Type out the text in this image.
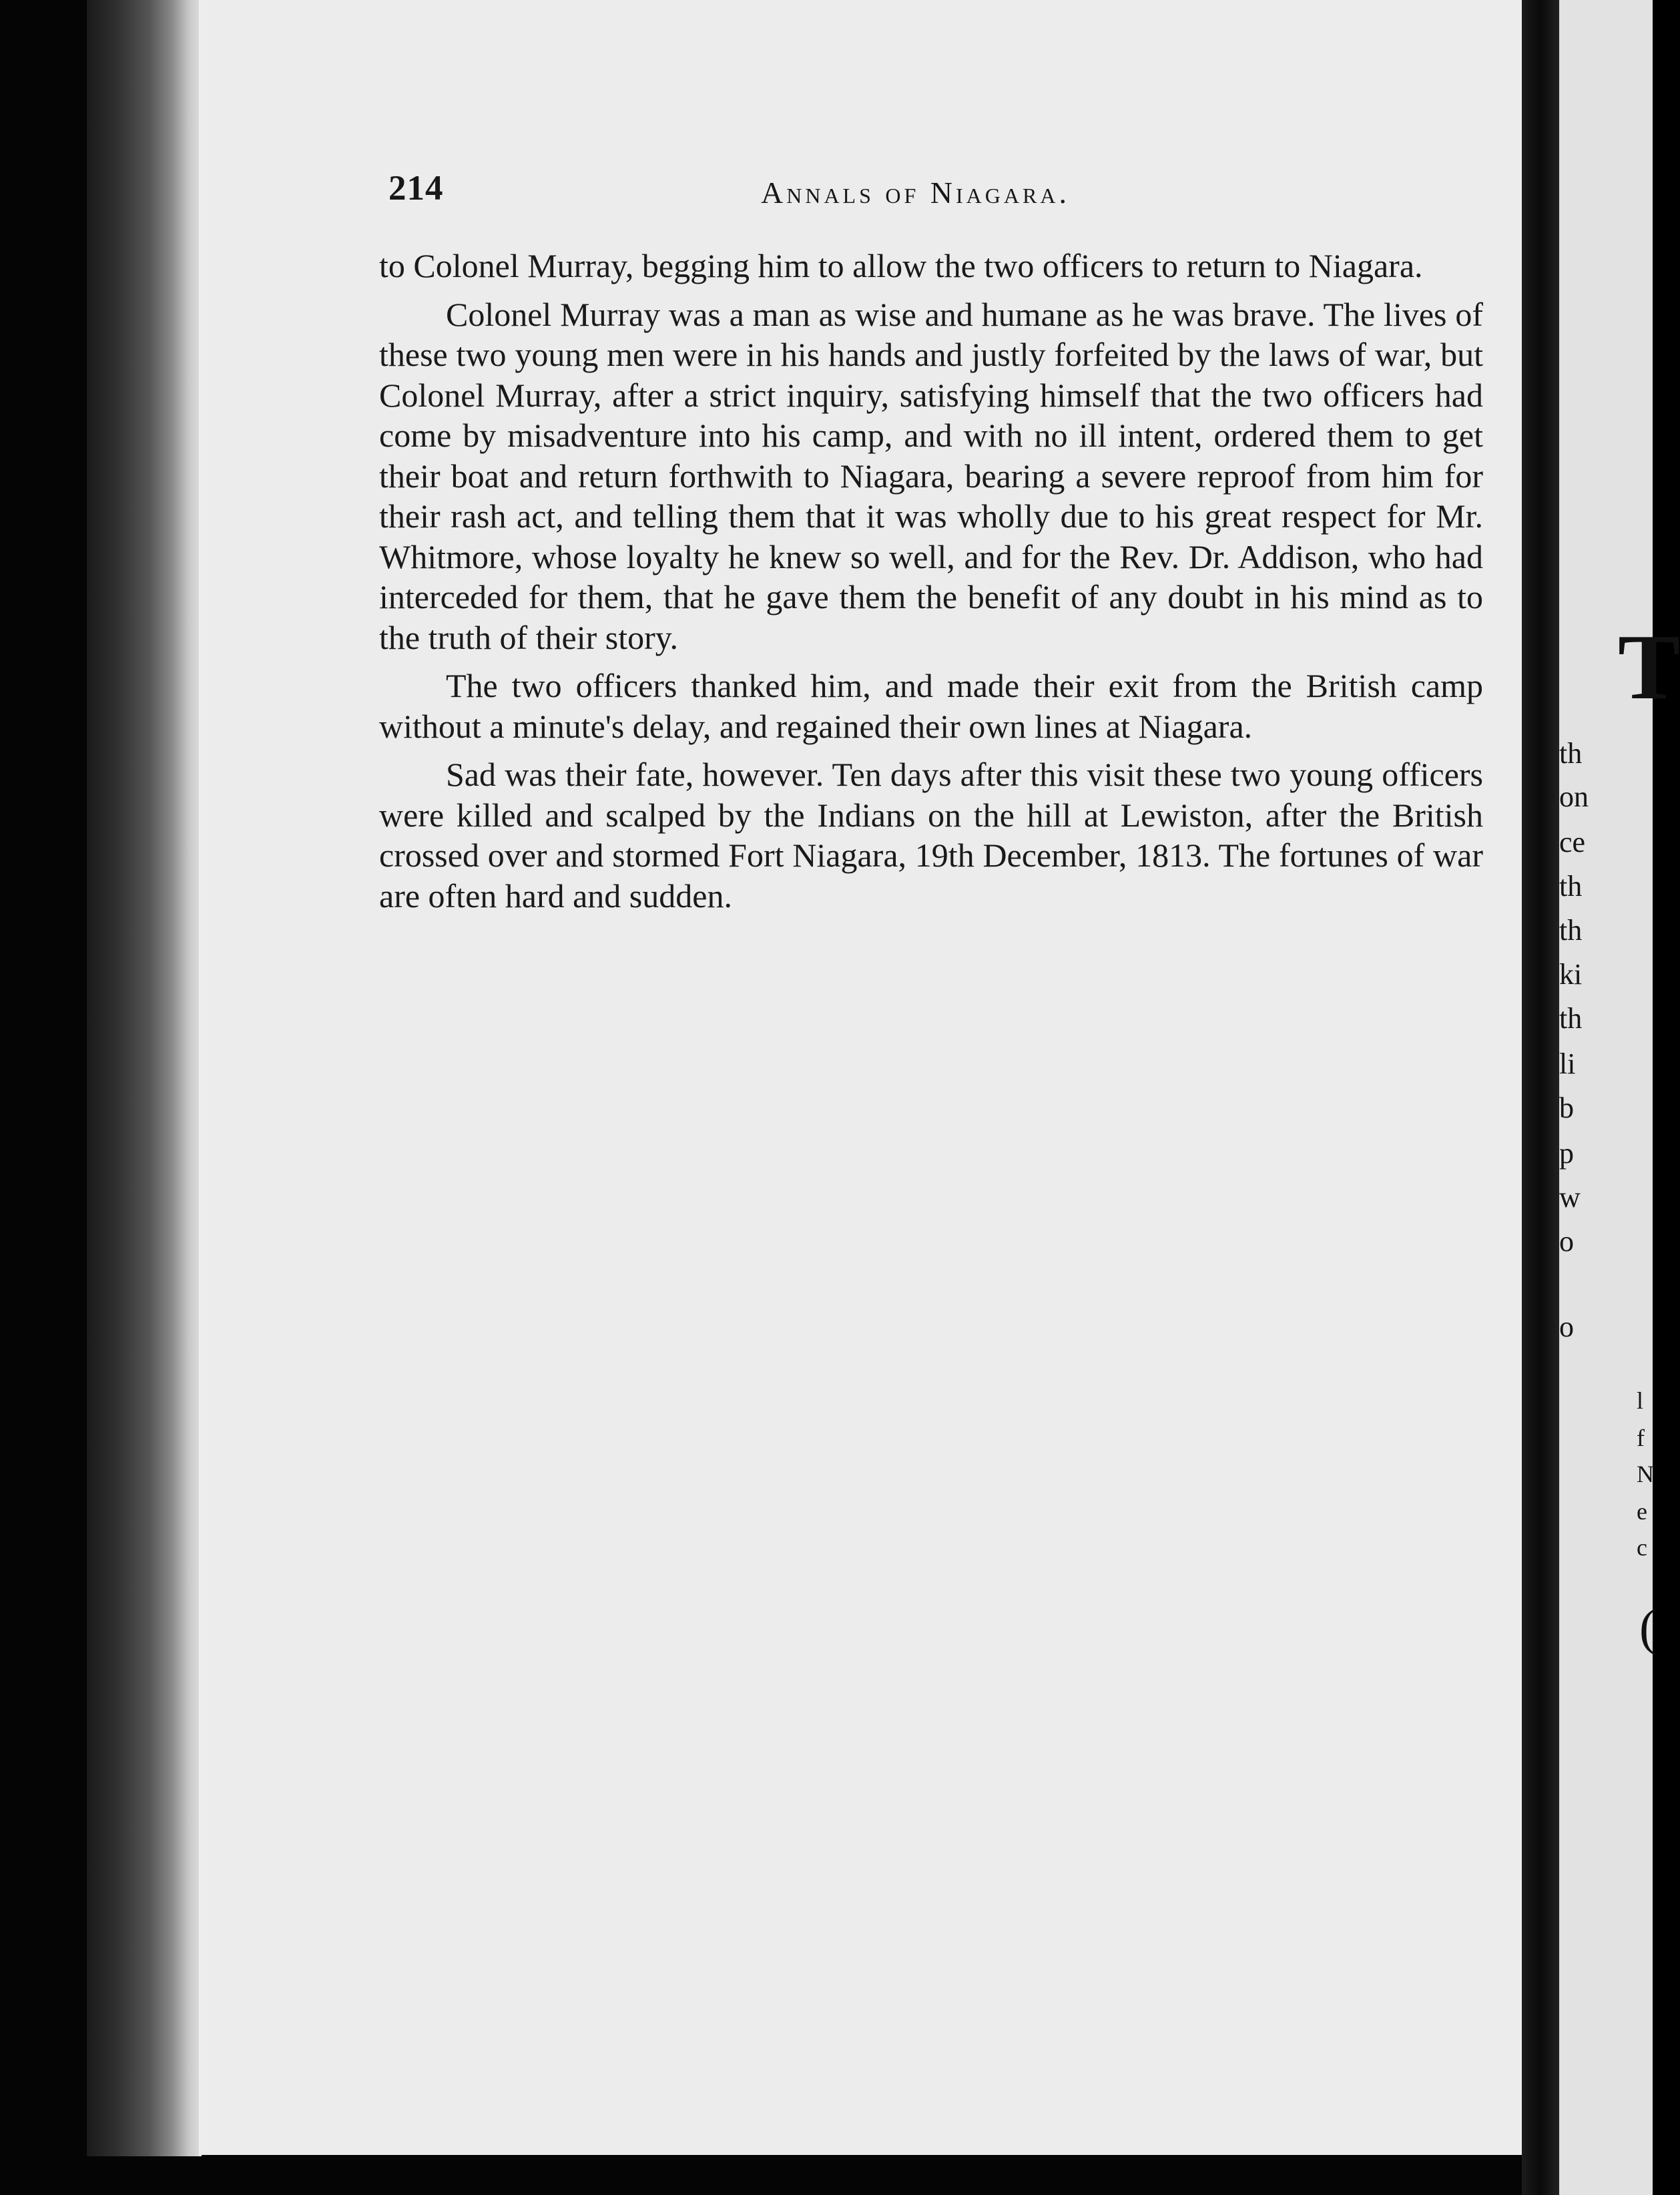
214	Annals of Niagara.

to Colonel Murray, begging him to allow the two officers to return to Niagara.

Colonel Murray was a man as wise and humane as he was brave. The lives of these two young men were in his hands and justly forfeited by the laws of war, but Colonel Murray, after a strict inquiry, satisfying himself that the two officers had come by misadventure into his camp, and with no ill intent, ordered them to get their boat and return forthwith to Niagara, bearing a severe reproof from him for their rash act, and telling them that it was wholly due to his great respect for Mr. Whitmore, whose loyalty he knew so well, and for the Rev. Dr. Addison, who had interceded for them, that he gave them the benefit of any doubt in his mind as to the truth of their story.

The two officers thanked him, and made their exit from the British camp without a minute's delay, and regained their own lines at Niagara.

Sad was their fate, however. Ten days after this visit these two young officers were killed and scalped by the Indians on the hill at Lewiston, after the British crossed over and stormed Fort Niagara, 19th December, 1813. The fortunes of war are often hard and sudden.

T
th
on
ce
th
th
ki
th
li
b
p
w
o
o
l
f
N
e
c
(
